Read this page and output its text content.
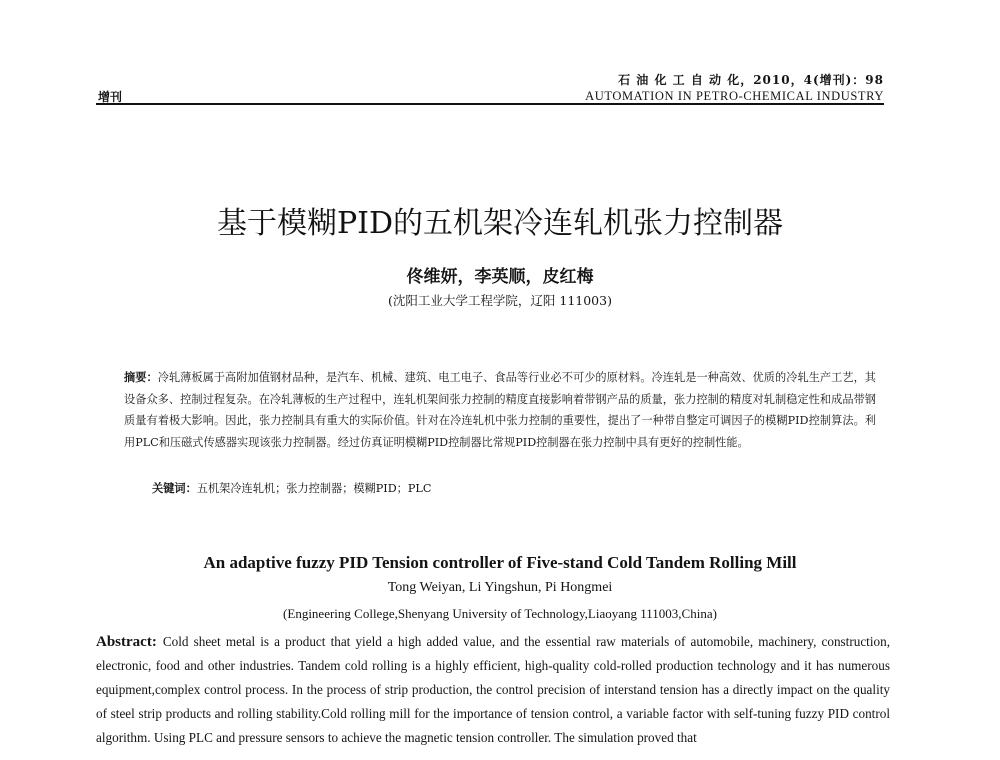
增刊
石 油 化 工 自 动 化，2010，4(增刊)：98
AUTOMATION IN PETRO-CHEMICAL INDUSTRY
基于模糊PID的五机架冷连轧机张力控制器
佟维妍，李英顺，皮红梅
(沈阳工业大学工程学院，辽阳 111003)
摘要：冷轧薄板属于高附加值钢材品种，是汽车、机械、建筑、电工电子、食品等行业必不可少的原材料。冷连轧是一种高效、优质的冷轧生产工艺，其设备众多、控制过程复杂。在冷轧薄板的生产过程中，连轧机架间张力控制的精度直接影响着带钢产品的质量，张力控制的精度对轧制稳定性和成品带钢质量有着极大影响。因此，张力控制具有重大的实际价值。针对在冷连轧机中张力控制的重要性，提出了一种带自整定可调因子的模糊PID控制算法。利用PLC和压磁式传感器实现该张力控制器。经过仿真证明模糊PID控制器比常规PID控制器在张力控制中具有更好的控制性能。
关键词：五机架冷连轧机；张力控制器；模糊PID；PLC
An adaptive fuzzy PID Tension controller of Five-stand Cold Tandem Rolling Mill
Tong Weiyan, Li Yingshun, Pi Hongmei
(Engineering College,Shenyang University of Technology,Liaoyang 111003,China)
Abstract: Cold sheet metal is a product that yield a high added value, and the essential raw materials of automobile, machinery, construction, electronic, food and other industries. Tandem cold rolling is a highly efficient, high-quality cold-rolled production technology and it has numerous equipment,complex control process. In the process of strip production, the control precision of interstand tension has a directly impact on the quality of steel strip products and rolling stability.Cold rolling mill for the importance of tension control, a variable factor with self-tuning fuzzy PID control algorithm. Using PLC and pressure sensors to achieve the magnetic tension controller. The simulation proved that
